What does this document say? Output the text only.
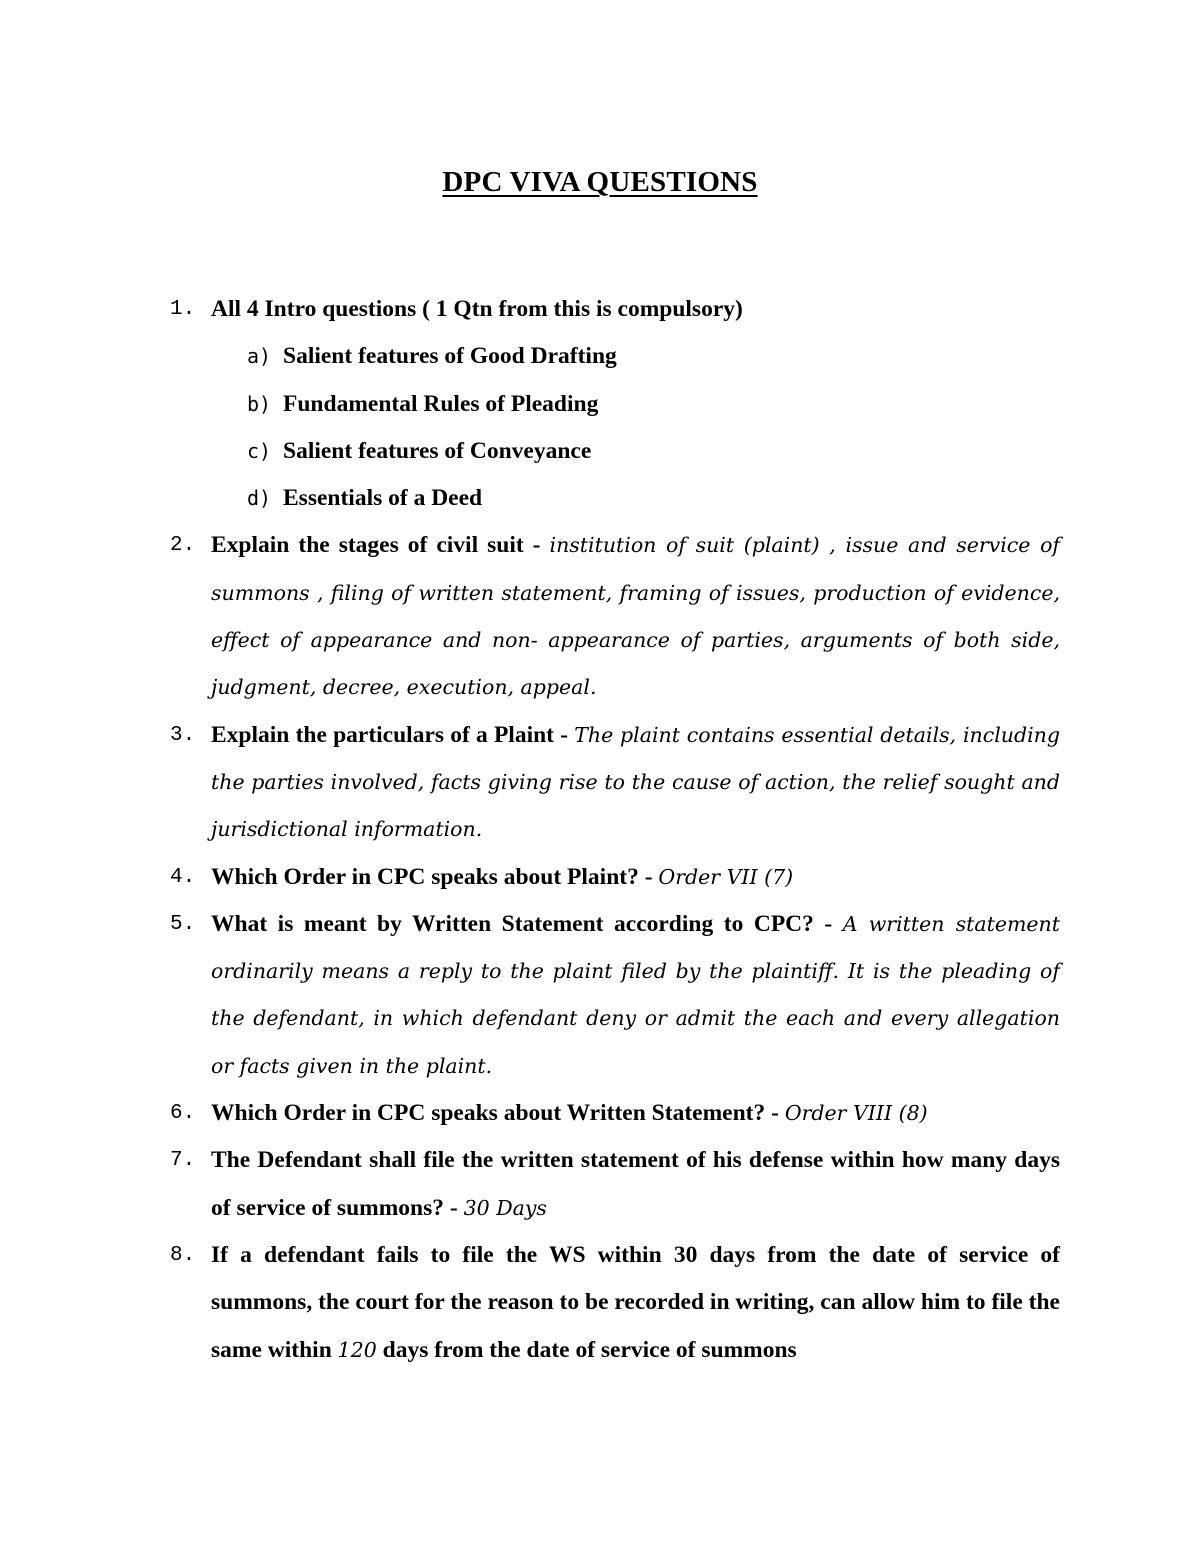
DPC VIVA QUESTIONS
1. All 4 Intro questions ( 1 Qtn from this is compulsory)
a) Salient features of Good Drafting
b) Fundamental Rules of Pleading
c) Salient features of Conveyance
d) Essentials of a Deed
2. Explain the stages of civil suit - institution of suit (plaint) , issue and service of summons , filing of written statement, framing of issues, production of evidence, effect of appearance and non- appearance of parties, arguments of both side, judgment, decree, execution, appeal.
3. Explain the particulars of a Plaint - The plaint contains essential details, including the parties involved, facts giving rise to the cause of action, the relief sought and jurisdictional information.
4. Which Order in CPC speaks about Plaint? - Order VII (7)
5. What is meant by Written Statement according to CPC? - A written statement ordinarily means a reply to the plaint filed by the plaintiff. It is the pleading of the defendant, in which defendant deny or admit the each and every allegation or facts given in the plaint.
6. Which Order in CPC speaks about Written Statement? - Order VIII (8)
7. The Defendant shall file the written statement of his defense within how many days of service of summons? - 30 Days
8. If a defendant fails to file the WS within 30 days from the date of service of summons, the court for the reason to be recorded in writing, can allow him to file the same within 120 days from the date of service of summons
